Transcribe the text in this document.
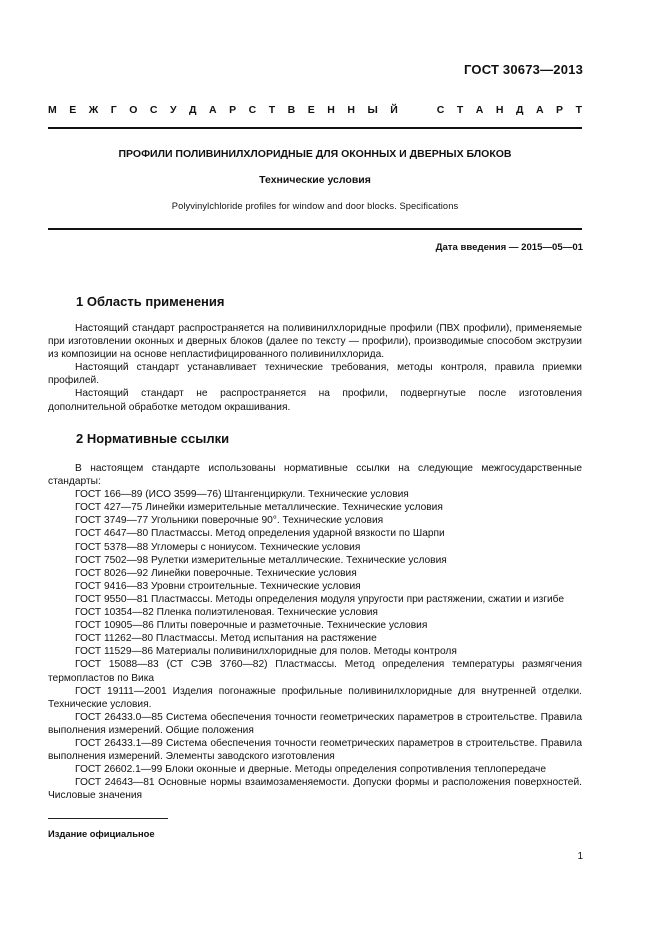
ГОСТ 30673—2013
М Е Ж Г О С У Д А Р С Т В Е Н Н Ы Й	С Т А Н Д А Р Т
ПРОФИЛИ ПОЛИВИНИЛХЛОРИДНЫЕ ДЛЯ ОКОННЫХ И ДВЕРНЫХ БЛОКОВ
Технические условия
Polyvinylchloride profiles for window and door blocks. Specifications
Дата введения — 2015—05—01
1 Область применения

Настоящий стандарт распространяется на поливинилхлоридные профили (ПВХ профили), применяемые при изготовлении оконных и дверных блоков (далее по тексту — профили), производимые способом экструзии из композиции на основе непластифицированного поливинилхлорида.

Настоящий стандарт устанавливает технические требования, методы контроля, правила приемки профилей.

Настоящий стандарт не распространяется на профили, подвергнутые после изготовления дополнительной обработке методом окрашивания.

2 Нормативные ссылки

В настоящем стандарте использованы нормативные ссылки на следующие межгосударственные стандарты:

ГОСТ 166—89 (ИСО 3599—76) Штангенциркули. Технические условия

ГОСТ 427—75 Линейки измерительные металлические. Технические условия

ГОСТ 3749—77 Угольники поверочные 90°. Технические условия

ГОСТ 4647—80 Пластмассы. Метод определения ударной вязкости по Шарпи

ГОСТ 5378—88 Угломеры с нониусом. Технические условия

ГОСТ 7502—98 Рулетки измерительные металлические. Технические условия

ГОСТ 8026—92 Линейки поверочные. Технические условия

ГОСТ 9416—83 Уровни строительные. Технические условия

ГОСТ 9550—81 Пластмассы. Методы определения модуля упругости при растяжении, сжатии и изгибе

ГОСТ 10354—82 Пленка полиэтиленовая. Технические условия

ГОСТ 10905—86 Плиты поверочные и разметочные. Технические условия

ГОСТ 11262—80 Пластмассы. Метод испытания на растяжение

ГОСТ 11529—86 Материалы поливинилхлоридные для полов. Методы контроля

ГОСТ 15088—83 (СТ СЭВ 3760—82) Пластмассы. Метод определения температуры размягчения термопластов по Вика

ГОСТ 19111—2001 Изделия погонажные профильные поливинилхлоридные для внутренней отделки. Технические условия.

ГОСТ 26433.0—85 Система обеспечения точности геометрических параметров в строительстве. Правила выполнения измерений. Общие положения

ГОСТ 26433.1—89 Система обеспечения точности геометрических параметров в строительстве. Правила выполнения измерений. Элементы заводского изготовления

ГОСТ 26602.1—99 Блоки оконные и дверные. Методы определения сопротивления теплопередаче

ГОСТ 24643—81 Основные нормы взаимозаменяемости. Допуски формы и расположения поверхностей. Числовые значения

Издание официальное
1
